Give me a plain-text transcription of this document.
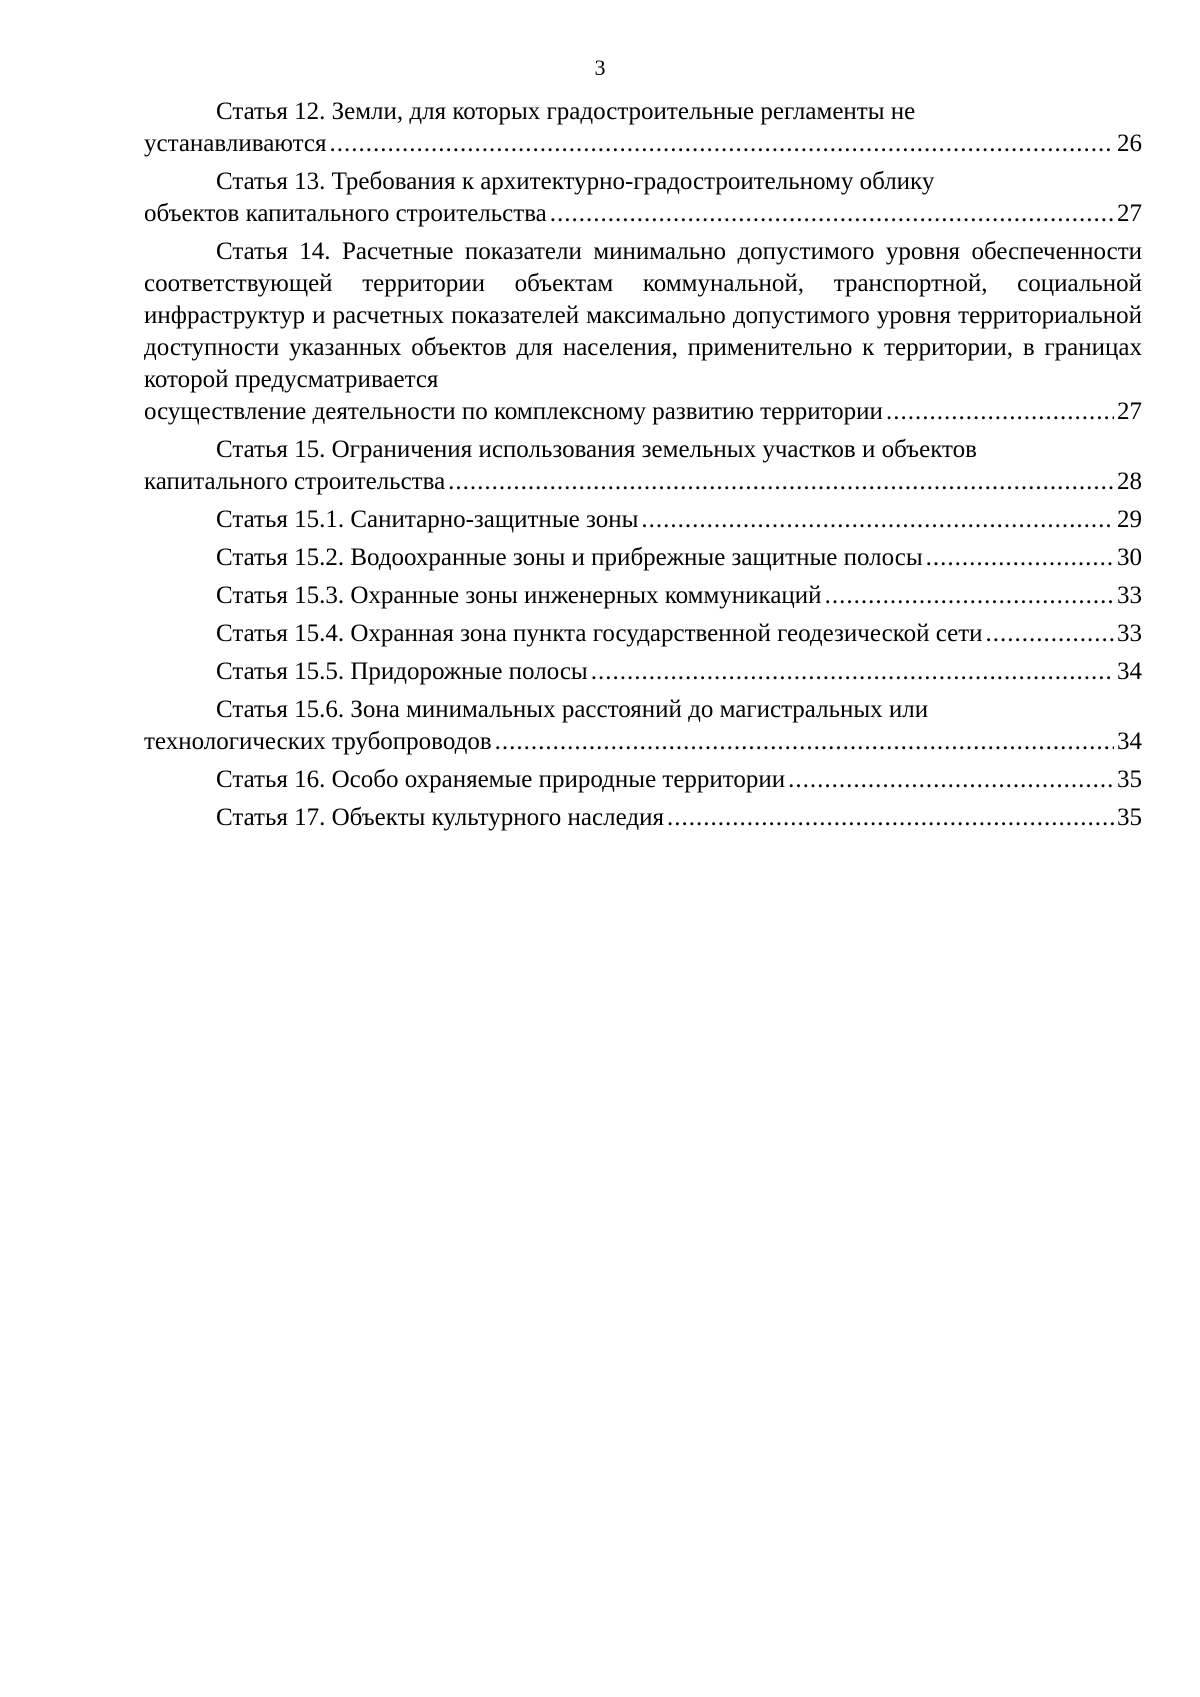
3

Статья 12. Земли, для которых градостроительные регламенты не

устанавливаются .....	26

Статья 13. Требования к архитектурно-градостроительному облику

объектов капитального строительства .....	27

Статья 14. Расчетные показатели минимально допустимого уровня обеспеченности соответствующей территории объектам коммунальной, транспортной, социальной инфраструктур и расчетных показателей максимально допустимого уровня территориальной доступности указанных объектов для населения, применительно к территории, в границах которой предусматривается

осуществление деятельности по комплексному развитию территории .....	27

Статья 15. Ограничения использования земельных участков и объектов

капитального строительства .....	28
Статья 15.1. Санитарно-защитные зоны .....	29
Статья 15.2. Водоохранные зоны и прибрежные защитные полосы .....	30
Статья 15.3. Охранные зоны инженерных коммуникаций .....	33
Статья 15.4. Охранная зона пункта государственной геодезической сети .....	33
Статья 15.5. Придорожные полосы .....	34

Статья 15.6. Зона минимальных расстояний до магистральных или

технологических трубопроводов .....	34
Статья 16. Особо охраняемые природные территории .....	35
Статья 17. Объекты культурного наследия .....	35
